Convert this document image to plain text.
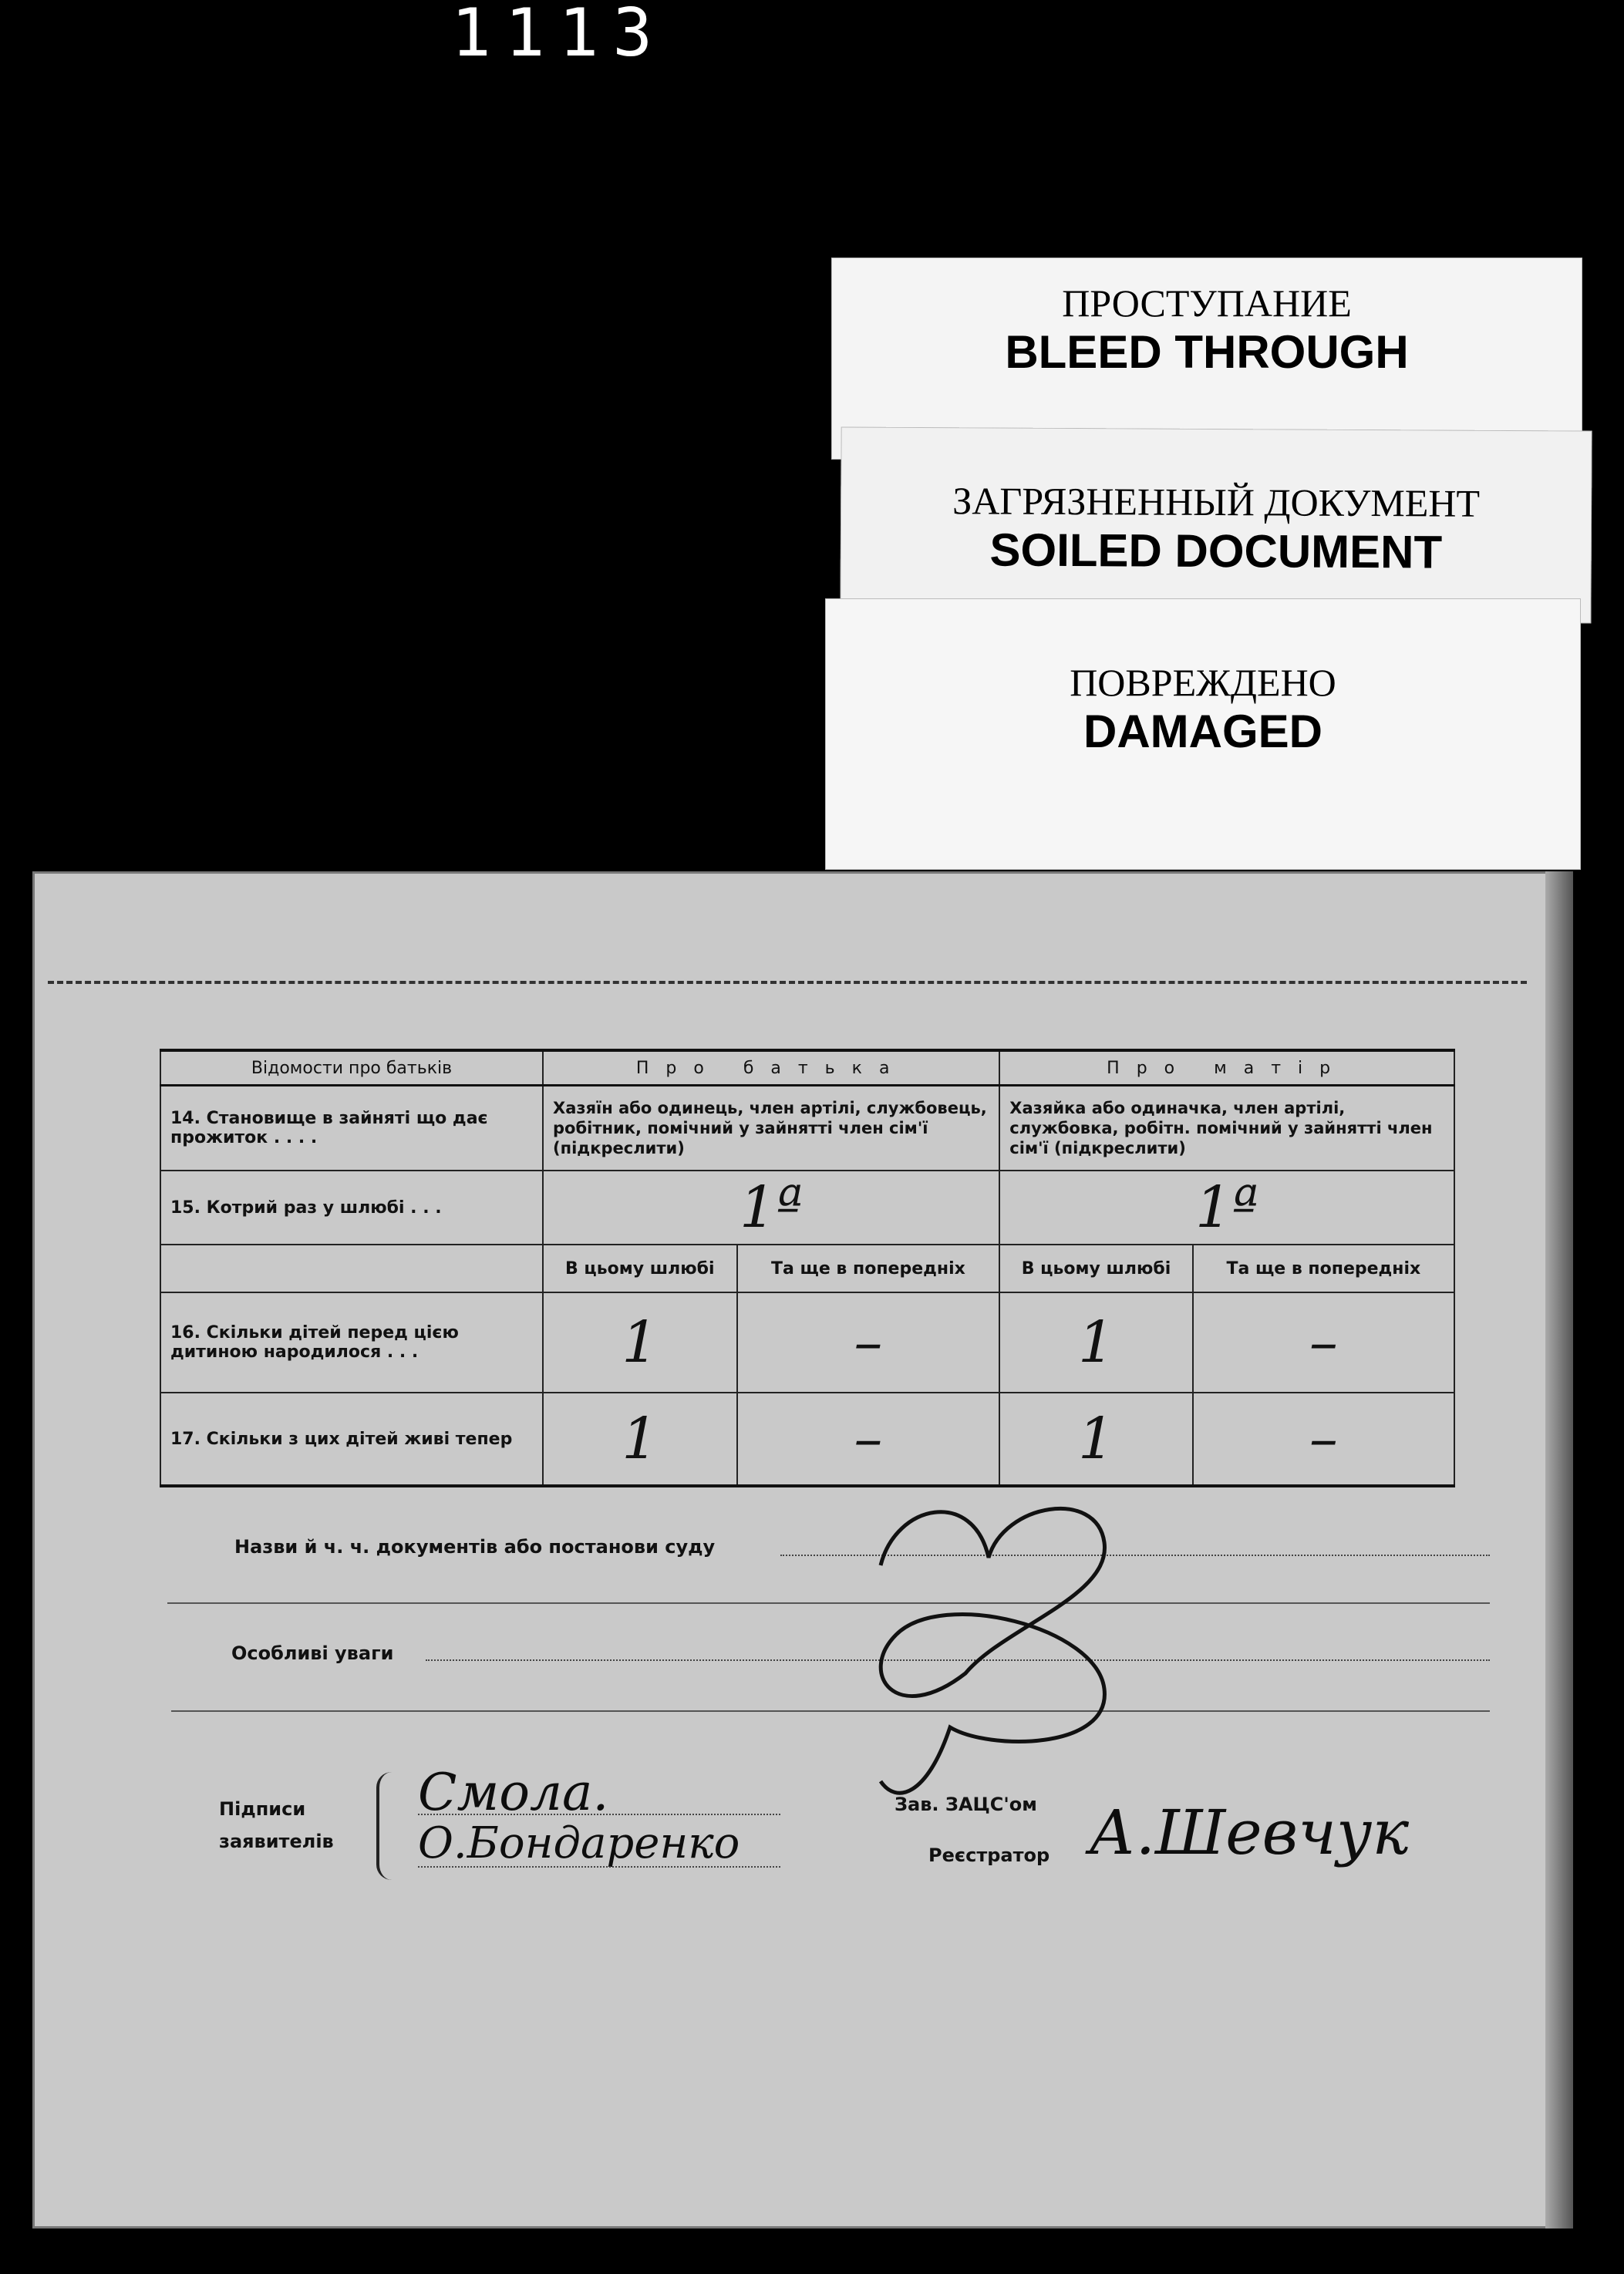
1113
ПРОСТУПАНИЕ
BLEED THROUGH
ЗАГРЯЗНЕННЫЙ ДОКУМЕНТ
SOILED DOCUMENT
ПОВРЕЖДЕНО
DAMAGED
Відомости про батьків	Про батька		Про матір	
14. Становище в зайняті що дає прожиток . . . .	Хазяїн або одинець, член артілі, службовець, робітник, помічний у зайнятті член сім'ї (підкреслити)		Хазяйка або одиначка, член артілі, службовка, робітн. помічний у зайнятті член сім'ї (підкреслити)	
15. Котрий раз у шлюбі . . .	1ª		1ª	
	В цьому шлюбі	Та ще в попередніх	В цьому шлюбі	Та ще в попередніх
16. Скільки дітей перед цією дитиною народилося . . .	1	–	1	–
17. Скільки з цих дітей живі тепер	1	–	1	–
Назви й ч. ч. документів або постанови суду
Особливі уваги
Підписи
заявителів
Смола.
О.Бондаренко
Зав. ЗАЦС'ом
Реєстратор А.Шевчук
